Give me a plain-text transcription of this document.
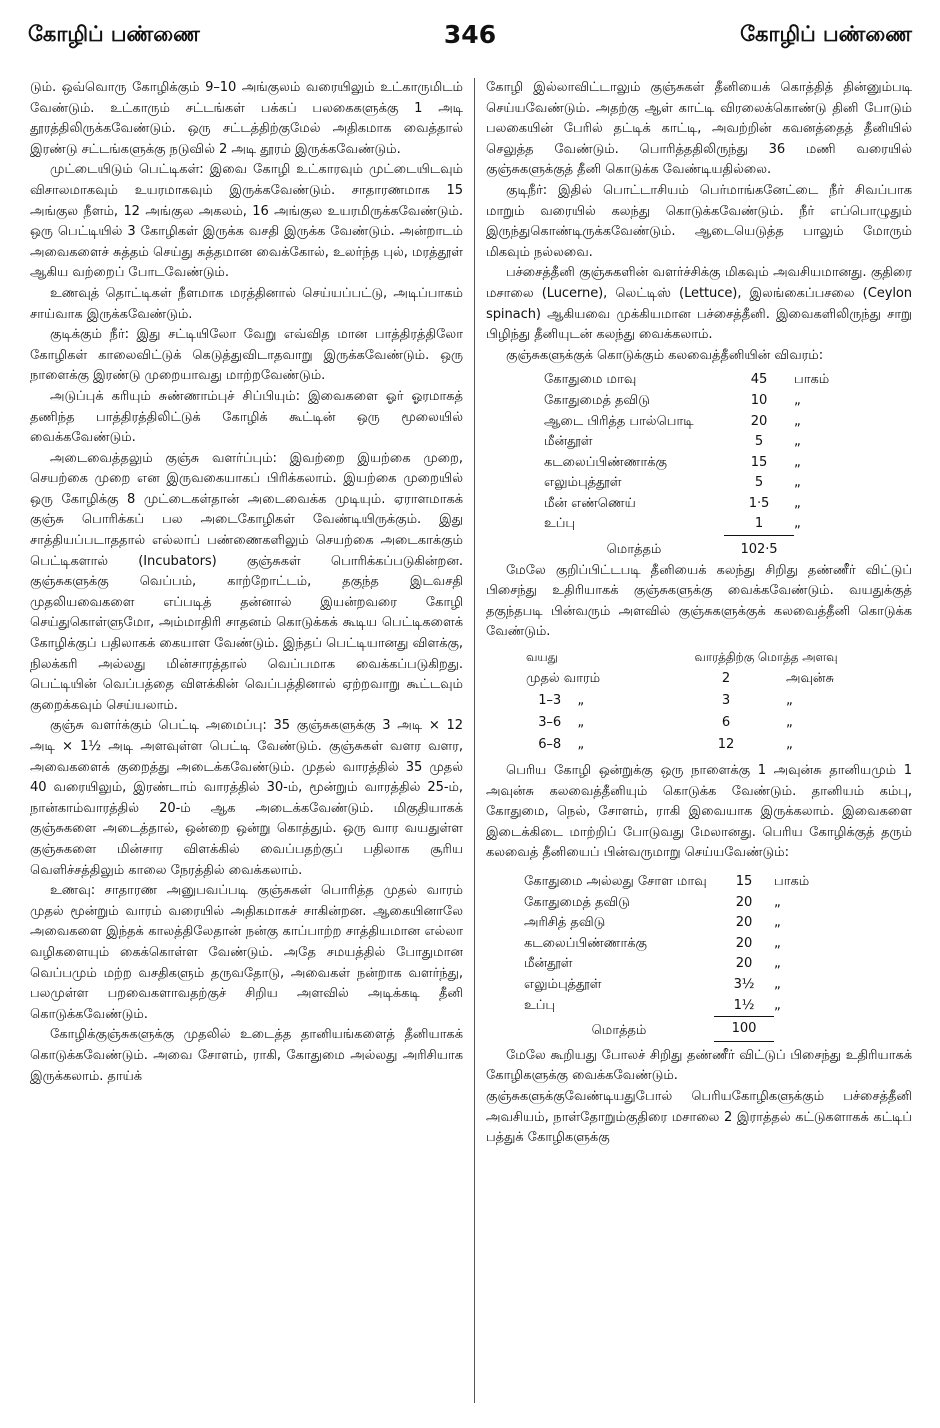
கோழிப் பண்ணை	346	கோழிப் பண்ணை

டும். ஒவ்வொரு கோழிக்கும் 9–10 அங்குலம் வரையிலும் உட்காருமிடம் வேண்டும். உட்காரும் சட்டங்கள் பக்கப் பலகைகளுக்கு 1 அடி தூரத்திலிருக்கவேண்டும். ஒரு சட்டத்திற்குமேல் அதிகமாக வைத்தால் இரண்டு சட்டங்களுக்கு நடுவில் 2 அடி தூரம் இருக்கவேண்டும்.

முட்டையிடும் பெட்டிகள்: இவை கோழி உட்காரவும் முட்டையிடவும் விசாலமாகவும் உயரமாகவும் இருக்கவேண்டும். சாதாரணமாக 15 அங்குல நீளம், 12 அங்குல அகலம், 16 அங்குல உயரமிருக்கவேண்டும். ஒரு பெட்டியில் 3 கோழிகள் இருக்க வசதி இருக்க வேண்டும். அன்றாடம் அவைகளைச் சுத்தம் செய்து சுத்தமான வைக்கோல், உலர்ந்த புல், மரத்தூள் ஆகிய வற்றைப் போடவேண்டும்.

உணவுத் தொட்டிகள் நீளமாக மரத்தினால் செய்யப்பட்டு, அடிப்பாகம் சாய்வாக இருக்கவேண்டும்.

குடிக்கும் நீர்: இது சட்டியிலோ வேறு எவ்வித மான பாத்திரத்திலோ கோழிகள் காலைவிட்டுக் கெடுத்துவிடாதவாறு இருக்கவேண்டும். ஒரு நாளைக்கு இரண்டு முறையாவது மாற்றவேண்டும்.

அடுப்புக் கரியும் சுண்ணாம்புச் சிப்பியும்: இவைகளை ஓர் ஓரமாகத் தணிந்த பாத்திரத்திலிட்டுக் கோழிக் கூட்டின் ஒரு மூலையில் வைக்கவேண்டும்.

அடைவைத்தலும் குஞ்சு வளர்ப்பும்: இவற்றை இயற்கை முறை, செயற்கை முறை என இருவகையாகப் பிரிக்கலாம். இயற்கை முறையில் ஒரு கோழிக்கு 8 முட்டைகள்தான் அடைவைக்க முடியும். ஏராளமாகக் குஞ்சு பொரிக்கப் பல அடைகோழிகள் வேண்டியிருக்கும். இது சாத்தியப்படாததால் எல்லாப் பண்ணைகளிலும் செயற்கை அடைகாக்கும் பெட்டிகளால் (Incubators) குஞ்சுகள் பொரிக்கப்படுகின்றன. குஞ்சுகளுக்கு வெப்பம், காற்றோட்டம், தகுந்த இடவசதி முதலியவைகளை எப்படித் தன்னால் இயன்றவரை கோழி செய்துகொள்ளுமோ, அம்மாதிரி சாதனம் கொடுக்கக் கூடிய பெட்டிகளைக் கோழிக்குப் பதிலாகக் கையாள வேண்டும். இந்தப் பெட்டியானது விளக்கு, நிலக்கரி அல்லது மின்சாரத்தால் வெப்பமாக வைக்கப்படுகிறது. பெட்டியின் வெப்பத்தை விளக்கின் வெப்பத்தினால் ஏற்றவாறு கூட்டவும் குறைக்கவும் செய்யலாம்.

குஞ்சு வளர்க்கும் பெட்டி அமைப்பு: 35 குஞ்சுகளுக்கு 3 அடி × 12 அடி × 1½ அடி அளவுள்ள பெட்டி வேண்டும். குஞ்சுகள் வளர வளர, அவைகளைக் குறைத்து அடைக்கவேண்டும். முதல் வாரத்தில் 35 முதல் 40 வரையிலும், இரண்டாம் வாரத்தில் 30-ம், மூன்றும் வாரத்தில் 25-ம், நான்காம்வாரத்தில் 20-ம் ஆக அடைக்கவேண்டும். மிகுதியாகக் குஞ்சுகளை அடைத்தால், ஒன்றை ஒன்று கொத்தும். ஒரு வார வயதுள்ள குஞ்சுகளை மின்சார விளக்கில் வைப்பதற்குப் பதிலாக சூரிய வெளிச்சத்திலும் காலை நேரத்தில் வைக்கலாம்.

உணவு: சாதாரண அனுபவப்படி குஞ்சுகள் பொரித்த முதல் வாரம் முதல் மூன்றும் வாரம் வரையில் அதிகமாகச் சாகின்றன. ஆகையினாலே அவைகளை இந்தக் காலத்திலேதான் நன்கு காப்பாற்ற சாத்தியமான எல்லா வழிகளையும் கைக்கொள்ள வேண்டும். அதே சமயத்தில் போதுமான வெப்பமும் மற்ற வசதிகளும் தருவதோடு, அவைகள் நன்றாக வளர்ந்து, பலமுள்ள பறவைகளாவதற்குச் சிறிய அளவில் அடிக்கடி தீனி கொடுக்கவேண்டும்.

கோழிக்குஞ்சுகளுக்கு முதலில் உடைத்த தானியங்களைத் தீனியாகக் கொடுக்கவேண்டும். அவை சோளம், ராகி, கோதுமை அல்லது அரிசியாக இருக்கலாம். தாய்க்

கோழி இல்லாவிட்டாலும் குஞ்சுகள் தீனியைக் கொத்தித் தின்னும்படி செய்யவேண்டும். அதற்கு ஆள் காட்டி விரலைக்கொண்டு தினி போடும் பலகையின் பேரில் தட்டிக் காட்டி, அவற்றின் கவனத்தைத் தீனியில் செலுத்த வேண்டும். பொரித்ததிலிருந்து 36 மணி வரையில் குஞ்சுகளுக்குத் தீனி கொடுக்க வேண்டியதில்லை.

குடிநீர்: இதில் பொட்டாசியம் பெர்மாங்கனேட்டை நீர் சிவப்பாக மாறும் வரையில் கலந்து கொடுக்கவேண்டும். நீர் எப்பொழுதும் இருந்துகொண்டிருக்கவேண்டும். ஆடையெடுத்த பாலும் மோரும் மிகவும் நல்லவை.

பச்சைத்தீனி குஞ்சுகளின் வளர்ச்சிக்கு மிகவும் அவசியமானது. குதிரை மசாலை (Lucerne), லெட்டிஸ் (Lettuce), இலங்கைப்பசலை (Ceylon spinach) ஆகியவை முக்கியமான பச்சைத்தீனி. இவைகளிலிருந்து சாறு பிழிந்து தீனியுடன் கலந்து வைக்கலாம்.

குஞ்சுகளுக்குக் கொடுக்கும் கலவைத்தீனியின் விவரம்:

கோதுமை மாவு	45	பாகம்
கோதுமைத் தவிடு	10	„
ஆடை பிரித்த பால்பொடி	20	„
மீன்தூள்	5	„
கடலைப்பிண்ணாக்கு	15	„
எலும்புத்தூள்	5	„
மீன் எண்ணெய்	1·5	„
உப்பு	1	„
மொத்தம்	102·5	

மேலே குறிப்பிட்டபடி தீனியைக் கலந்து சிறிது தண்ணீர் விட்டுப் பிசைந்து உதிரியாகக் குஞ்சுகளுக்கு வைக்கவேண்டும். வயதுக்குத் தகுந்தபடி பின்வரும் அளவில் குஞ்சுகளுக்குக் கலவைத்தீனி கொடுக்க வேண்டும்.

வயது	வாரத்திற்கு மொத்த அளவு	
முதல் வாரம்	2	அவுன்சு
1–3 „	3	„
3–6 „	6	„
6–8 „	12	„

பெரிய கோழி ஒன்றுக்கு ஒரு நாளைக்கு 1 அவுன்சு தானியமும் 1 அவுன்சு கலவைத்தீனியும் கொடுக்க வேண்டும். தானியம் கம்பு, கோதுமை, நெல், சோளம், ராகி இவையாக இருக்கலாம். இவைகளை இடைக்கிடை மாற்றிப் போடுவது மேலானது. பெரிய கோழிக்குத் தரும் கலவைத் தீனியைப் பின்வருமாறு செய்யவேண்டும்:

கோதுமை அல்லது சோள மாவு	15	பாகம்
கோதுமைத் தவிடு	20	„
அரிசித் தவிடு	20	„
கடலைப்பிண்ணாக்கு	20	„
மீன்தூள்	20	„
எலும்புத்தூள்	3½	„
உப்பு	1½	„
மொத்தம்	100	

மேலே கூறியது போலச் சிறிது தண்ணீர் விட்டுப் பிசைந்து உதிரியாகக் கோழிகளுக்கு வைக்கவேண்டும்.

குஞ்சுகளுக்குவேண்டியதுபோல் பெரியகோழிகளுக்கும் பச்சைத்தீனி அவசியம், நாள்தோறும்குதிரை மசாலை 2 இராத்தல் கட்டுகளாகக் கட்டிப் பத்துக் கோழிகளுக்கு
